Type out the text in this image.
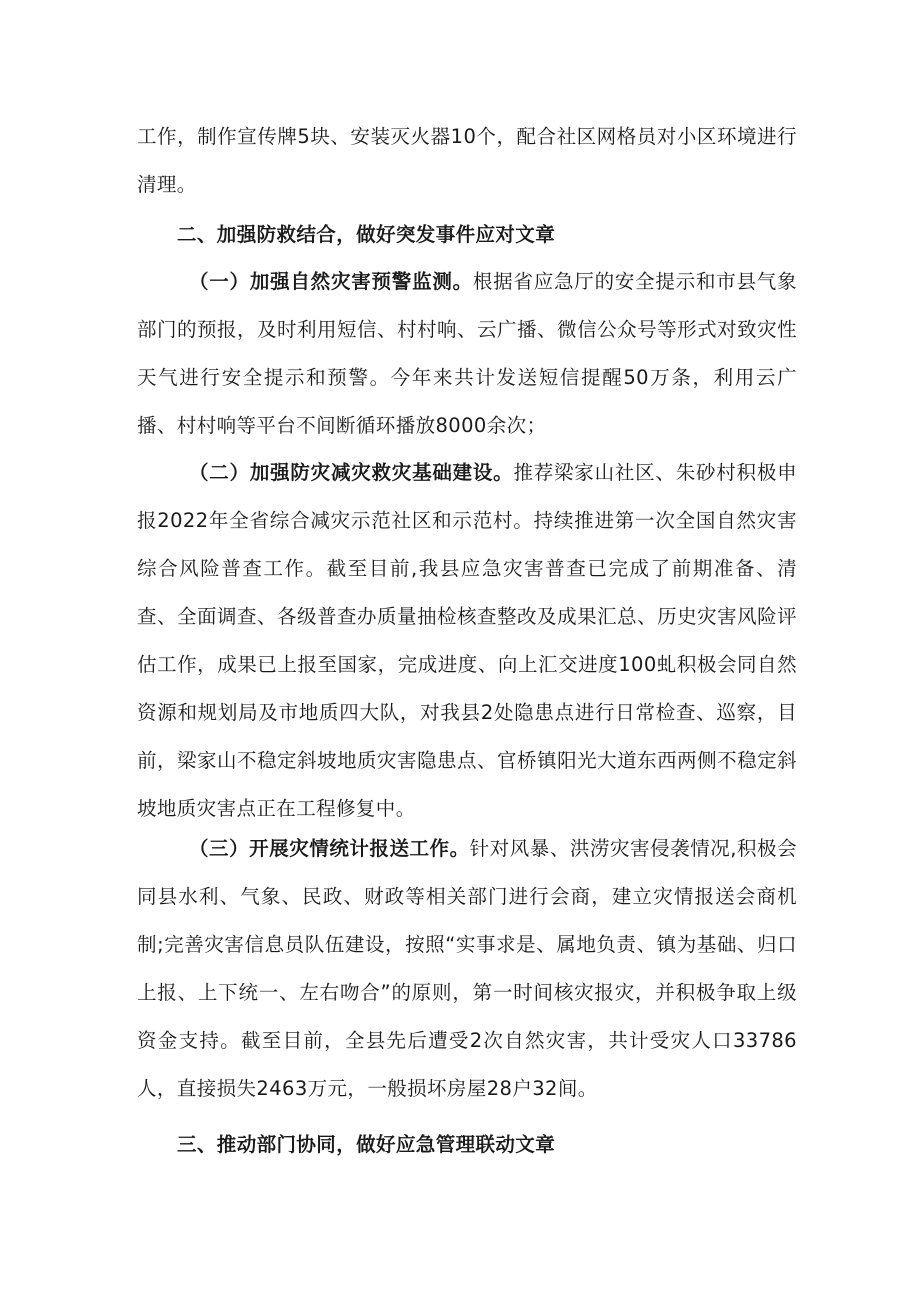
工作，制作宣传牌5块、安装灭火器10个，配合社区网格员对小区环境进行清理。

二、加强防救结合，做好突发事件应对文章

（一）加强自然灾害预警监测。根据省应急厅的安全提示和市县气象部门的预报，及时利用短信、村村响、云广播、微信公众号等形式对致灾性天气进行安全提示和预警。今年来共计发送短信提醒50万条，利用云广播、村村响等平台不间断循环播放8000余次；

（二）加强防灾减灾救灾基础建设。推荐梁家山社区、朱砂村积极申报2022年全省综合减灾示范社区和示范村。持续推进第一次全国自然灾害综合风险普查工作。截至目前,我县应急灾害普查已完成了前期准备、清查、全面调查、各级普查办质量抽检核查整改及成果汇总、历史灾害风险评估工作，成果已上报至国家，完成进度、向上汇交进度100虬积极会同自然资源和规划局及市地质四大队，对我县2处隐患点进行日常检查、巡察，目前，梁家山不稳定斜坡地质灾害隐患点、官桥镇阳光大道东西两侧不稳定斜坡地质灾害点正在工程修复中。

（三）开展灾情统计报送工作。针对风暴、洪涝灾害侵袭情况,积极会同县水利、气象、民政、财政等相关部门进行会商，建立灾情报送会商机制;完善灾害信息员队伍建设，按照“实事求是、属地负责、镇为基础、归口上报、上下统一、左右吻合”的原则，第一时间核灾报灾，并积极争取上级资金支持。截至目前，全县先后遭受2次自然灾害，共计受灾人口33786人，直接损失2463万元，一般损坏房屋28户32间。

三、推动部门协同，做好应急管理联动文章
